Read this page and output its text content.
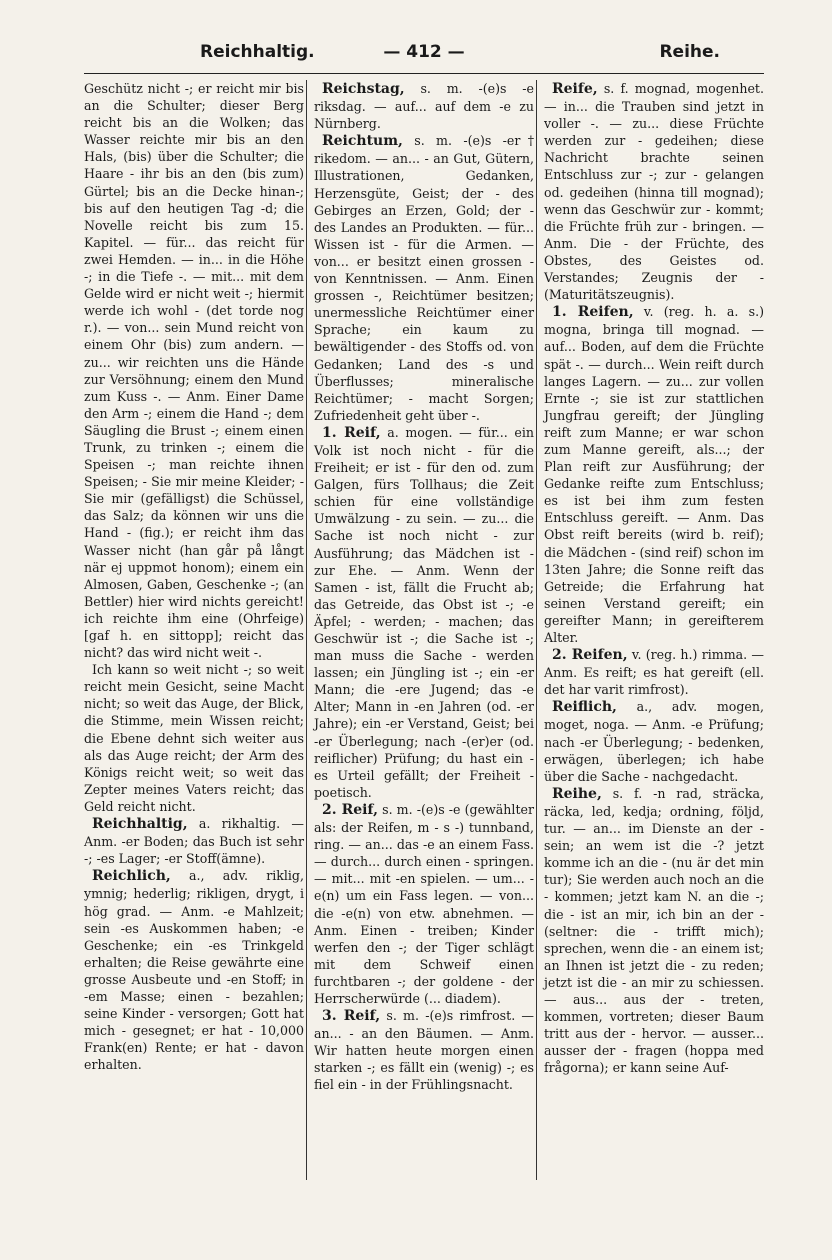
Reichhaltig.	— 412 —	Reihe.

Geschütz nicht -; er reicht mir bis an die Schulter; dieser Berg reicht bis an die Wolken; das Wasser reichte mir bis an den Hals, (bis) über die Schulter; die Haare - ihr bis an den (bis zum) Gürtel; bis an die Decke hinan-; bis auf den heutigen Tag -d; die Novelle reicht bis zum 15. Kapitel. — für... das reicht für zwei Hemden. — in... in die Höhe -; in die Tiefe -. — mit... mit dem Gelde wird er nicht weit -; hiermit werde ich wohl - (det torde nog r.). — von... sein Mund reicht von einem Ohr (bis) zum andern. — zu... wir reichten uns die Hände zur Versöhnung; einem den Mund zum Kuss -. — Anm. Einer Dame den Arm -; einem die Hand -; dem Säugling die Brust -; einem einen Trunk, zu trinken -; einem die Speisen -; man reichte ihnen Speisen; - Sie mir meine Kleider; - Sie mir (gefälligst) die Schüssel, das Salz; da können wir uns die Hand - (fig.); er reicht ihm das Wasser nicht (han går på långt när ej uppmot honom); einem ein Almosen, Gaben, Geschenke -; (an Bettler) hier wird nichts gereicht! ich reichte ihm eine (Ohrfeige) [gaf h. en sittopp]; reicht das nicht? das wird nicht weit -.

Ich kann so weit nicht -; so weit reicht mein Gesicht, seine Macht nicht; so weit das Auge, der Blick, die Stimme, mein Wissen reicht; die Ebene dehnt sich weiter aus als das Auge reicht; der Arm des Königs reicht weit; so weit das Zepter meines Vaters reicht; das Geld reicht nicht.

Reichhaltig, a. rikhaltig. — Anm. -er Boden; das Buch ist sehr -; -es Lager; -er Stoff(ämne).

Reichlich, a., adv. riklig, ymnig; hederlig; rikligen, drygt, i hög grad. — Anm. -e Mahlzeit; sein -es Auskommen haben; -e Geschenke; ein -es Trinkgeld erhalten; die Reise gewährte eine grosse Ausbeute und -en Stoff; in -em Masse; einen - bezahlen; seine Kinder - versorgen; Gott hat mich - gesegnet; er hat - 10,000 Frank(en) Rente; er hat - davon erhalten.

Reichstag, s. m. -(e)s -e riksdag. — auf... auf dem -e zu Nürnberg.

Reichtum, s. m. -(e)s -er† rikedom. — an... - an Gut, Gütern, Illustrationen, Gedanken, Herzensgüte, Geist; der - des Gebirges an Erzen, Gold; der - des Landes an Produkten. — für... Wissen ist - für die Armen. — von... er besitzt einen grossen - von Kenntnissen. — Anm. Einen grossen -, Reichtümer besitzen; unermessliche Reichtümer einer Sprache; ein kaum zu bewältigender - des Stoffs od. von Gedanken; Land des -s und Überflusses; mineralische Reichtümer; - macht Sorgen; Zufriedenheit geht über -.

1. Reif, a. mogen. — für... ein Volk ist noch nicht - für die Freiheit; er ist - für den od. zum Galgen, fürs Tollhaus; die Zeit schien für eine vollständige Umwälzung - zu sein. — zu... die Sache ist noch nicht - zur Ausführung; das Mädchen ist - zur Ehe. — Anm. Wenn der Samen - ist, fällt die Frucht ab; das Getreide, das Obst ist -; -e Äpfel; - werden; - machen; das Geschwür ist -; die Sache ist -; man muss die Sache - werden lassen; ein Jüngling ist -; ein -er Mann; die -ere Jugend; das -e Alter; Mann in -en Jahren (od. -er Jahre); ein -er Verstand, Geist; bei -er Überlegung; nach -(er)er (od. reiflicher) Prüfung; du hast ein -es Urteil gefällt; der Freiheit - poetisch.

2. Reif, s. m. -(e)s -e (gewählter als: der Reifen, m - s -) tunnband, ring. — an... das -e an einem Fass. — durch... durch einen - springen. — mit... mit -en spielen. — um... -e(n) um ein Fass legen. — von... die -e(n) von etw. abnehmen. — Anm. Einen - treiben; Kinder werfen den -; der Tiger schlägt mit dem Schweif einen furchtbaren -; der goldene - der Herrscherwürde (... diadem).

3. Reif, s. m. -(e)s rimfrost. — an... - an den Bäumen. — Anm. Wir hatten heute morgen einen starken -; es fällt ein (wenig) -; es fiel ein - in der Frühlingsnacht.

Reife, s. f. mognad, mogenhet. — in... die Trauben sind jetzt in voller -. — zu... diese Früchte werden zur - gedeihen; diese Nachricht brachte seinen Entschluss zur -; zur - gelangen od. gedeihen (hinna till mognad); wenn das Geschwür zur - kommt; die Früchte früh zur - bringen. — Anm. Die - der Früchte, des Obstes, des Geistes od. Verstandes; Zeugnis der - (Maturitätszeugnis).

1. Reifen, v. (reg. h. a. s.) mogna, bringa till mognad. — auf... Boden, auf dem die Früchte spät -. — durch... Wein reift durch langes Lagern. — zu... zur vollen Ernte -; sie ist zur stattlichen Jungfrau gereift; der Jüngling reift zum Manne; er war schon zum Manne gereift, als...; der Plan reift zur Ausführung; der Gedanke reifte zum Entschluss; es ist bei ihm zum festen Entschluss gereift. — Anm. Das Obst reift bereits (wird b. reif); die Mädchen - (sind reif) schon im 13ten Jahre; die Sonne reift das Getreide; die Erfahrung hat seinen Verstand gereift; ein gereifter Mann; in gereifterem Alter.

2. Reifen, v. (reg. h.) rimma. — Anm. Es reift; es hat gereift (ell. det har varit rimfrost).

Reiflich, a., adv. mogen, moget, noga. — Anm. -e Prüfung; nach -er Überlegung; - bedenken, erwägen, überlegen; ich habe über die Sache - nachgedacht.

Reihe, s. f. -n rad, sträcka, räcka, led, kedja; ordning, följd, tur. — an... im Dienste an der - sein; an wem ist die -? jetzt komme ich an die - (nu är det min tur); Sie werden auch noch an die - kommen; jetzt kam N. an die -; die - ist an mir, ich bin an der - (seltner: die - trifft mich); sprechen, wenn die - an einem ist; an Ihnen ist jetzt die - zu reden; jetzt ist die - an mir zu schiessen. — aus... aus der - treten, kommen, vortreten; dieser Baum tritt aus der - hervor. — ausser... ausser der - fragen (hoppa med frågorna); er kann seine Auf-
